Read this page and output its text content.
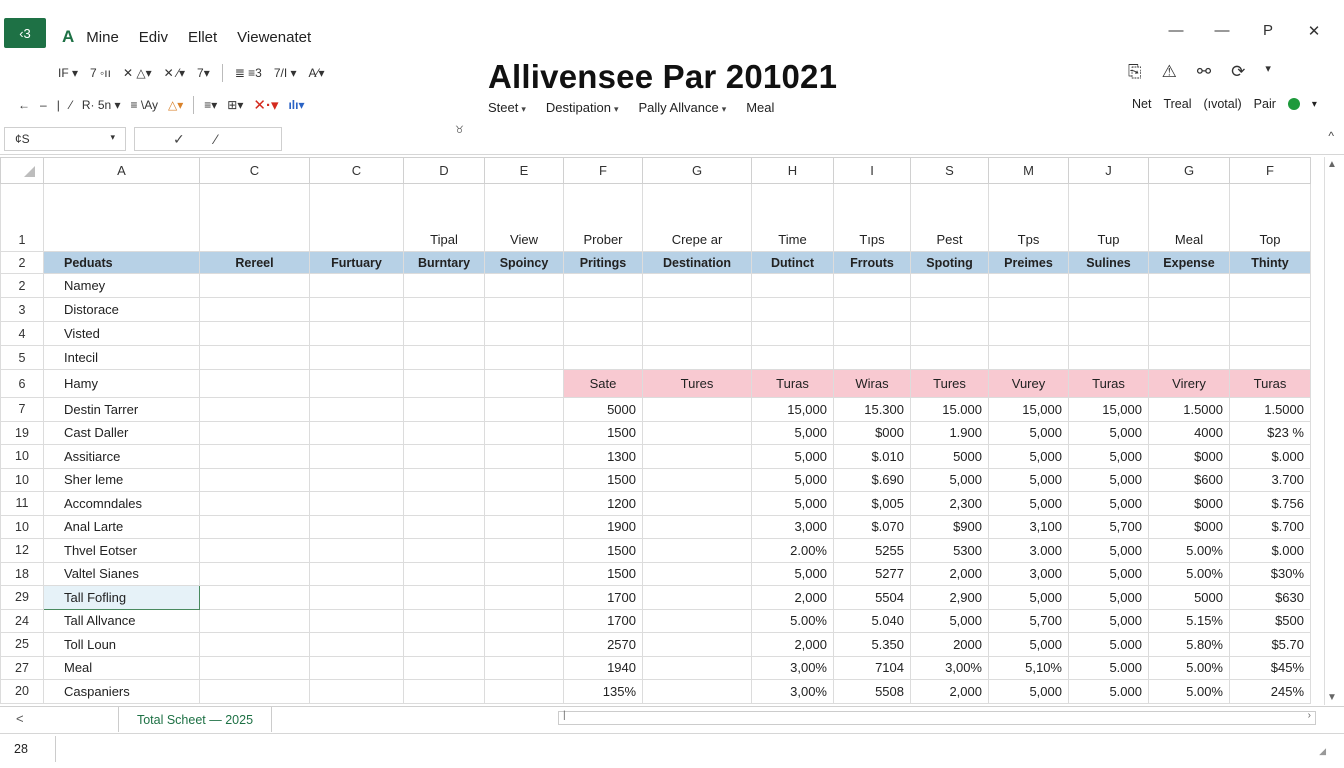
‹3	A Mine Ediv Ellet Viewenatet	— — P ✕
IF ▾ 7 ◦ıı ✕ △▾ ✕ ⁄▾ 7▾ ≣ ≡3 7/I ▾ A⁄▾
← – | ⁄ R· 5n ▾ ≡ \Ay △▾ ≡▾ ⊞▾ ✕·▾ ılı▾
Allivensee Par 201021
Steet ▾ Destipation ▾ Pally Allvance ▾ Meal
⎘ ⚠ ⚯ ⟳ ▾
Net Treal (ıvotal) Pair	▾
¢S	▾	✓ ⁄
♉	^
	A	C	C	D	E	F	G	H	I	S	M	J	G	F
1				Tipal	View	Prober	Crepe ar	Time	Tıps	Pest	Tps	Tup	Meal	Top
2	Peduats	Rereel	Furtuary	Burntary	Spoincy	Pritings	Destination	Dutinct	Frrouts	Spoting	Preimes	Sulines	Expense	Thinty
2	Namey													
3	Distorace													
4	Visted													
5	Intecil													
6	Hamy					Sate	Tures	Turas	Wiras	Tures	Vurey	Turas	Virery	Turas
7	Destin Tarrer					5000		15,000	15.300	15.000	15,000	15,000	1.5000	1.5000
19	Cast Daller					1500		5,000	$000	1.900	5,000	5,000	4000	$23 %
10	Assitiarce					1300		5,000	$.010	5000	5,000	5,000	$000	$.000
10	Sher leme					1500		5,000	$.690	5,000	5,000	5,000	$600	3.700
11	Accomndales					1200		5,000	$,005	2,300	5,000	5,000	$000	$.756
10	Anal Larte					1900		3,000	$.070	$900	3,100	5,700	$000	$.700
12	Thvel Eotser					1500		2.00%	5255	5300	3.000	5,000	5.00%	$.000
18	Valtel Sianes					1500		5,000	5277	2,000	3,000	5,000	5.00%	$30%
29	Tall Fofling					1700		2,000	5504	2,900	5,000	5,000	5000	$630
24	Tall Allvance					1700		5.00%	5.040	5,000	5,700	5,000	5.15%	$500
25	Toll Loun					2570		2,000	5.350	2000	5,000	5.000	5.80%	$5.70
27	Meal					1940		3,00%	7104	3,00%	5,10%	5.000	5.00%	$45%
20	Caspaniers					135%		3,00%	5508	2,000	5,000	5.000	5.00%	245%
▲
▼
<	Total Scheet — 2025	|	›
28	◢
